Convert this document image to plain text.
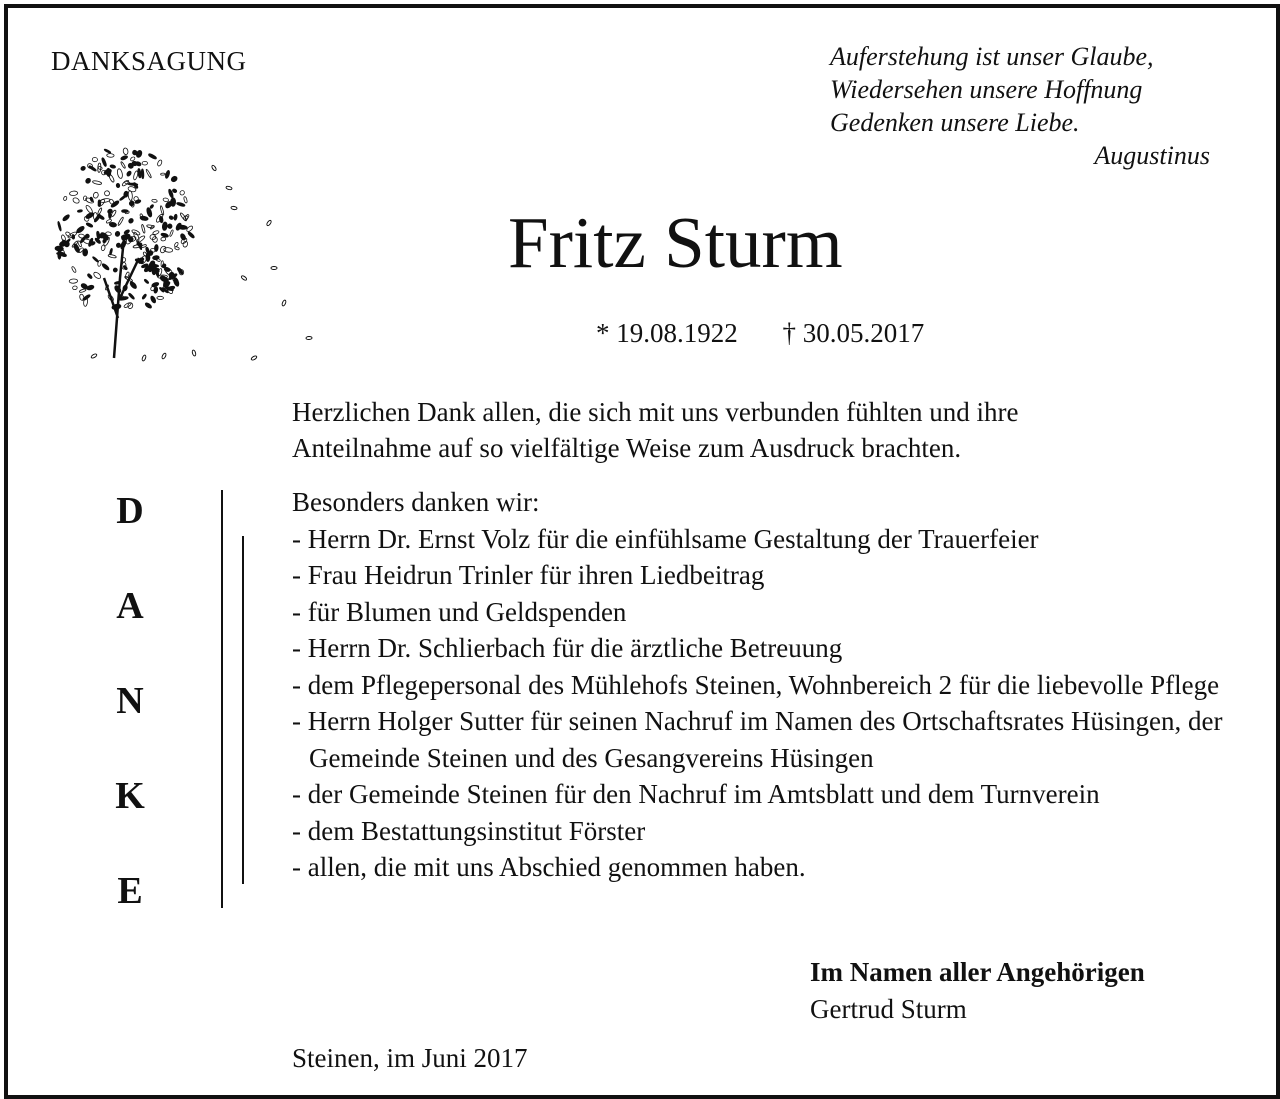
DANKSAGUNG	Auferstehung ist unser Glaube,
Wiedersehen unsere Hoffnung
Gedenken unsere Liebe.
Augustinus
Fritz Sturm
* 19.08.1922 † 30.05.2017
Herzlichen Dank allen, die sich mit uns verbunden fühlten und ihre
Anteilnahme auf so vielfältige Weise zum Ausdruck brachten.
D
A
N
K
E
Besonders danken wir:
- Herrn Dr. Ernst Volz für die einfühlsame Gestaltung der Trauerfeier
- Frau Heidrun Trinler für ihren Liedbeitrag
- für Blumen und Geldspenden
- Herrn Dr. Schlierbach für die ärztliche Betreuung
- dem Pflegepersonal des Mühlehofs Steinen, Wohnbereich 2 für die liebevolle Pflege
- Herrn Holger Sutter für seinen Nachruf im Namen des Ortschaftsrates Hüsingen, der Gemeinde Steinen und des Gesangvereins Hüsingen
- der Gemeinde Steinen für den Nachruf im Amtsblatt und dem Turnverein
- dem Bestattungsinstitut Förster
- allen, die mit uns Abschied genommen haben.
Im Namen aller Angehörigen
Gertrud Sturm
Steinen, im Juni 2017
